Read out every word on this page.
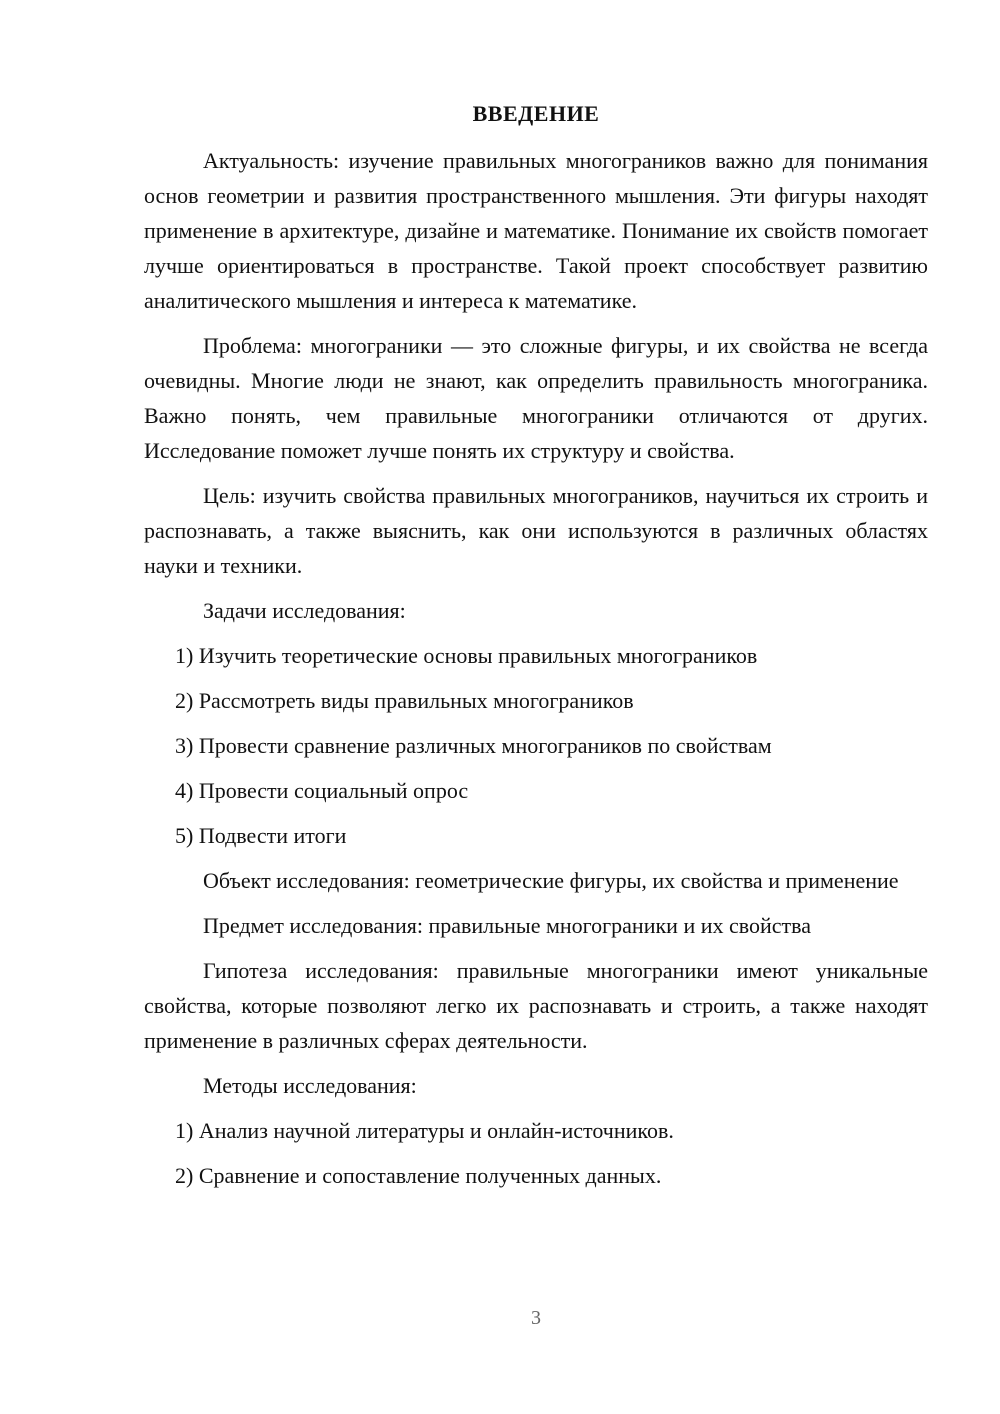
ВВЕДЕНИЕ

Актуальность: изучение правильных многограников важно для понимания основ геометрии и развития пространственного мышления. Эти фигуры находят применение в архитектуре, дизайне и математике. Понимание их свойств помогает лучше ориентироваться в пространстве. Такой проект способствует развитию аналитического мышления и интереса к математике.

Проблема: многограники — это сложные фигуры, и их свойства не всегда очевидны. Многие люди не знают, как определить правильность многограника. Важно понять, чем правильные многограники отличаются от других. Исследование поможет лучше понять их структуру и свойства.

Цель: изучить свойства правильных многограников, научиться их строить и распознавать, а также выяснить, как они используются в различных областях науки и техники.

Задачи исследования:

1) Изучить теоретические основы правильных многограников

2) Рассмотреть виды правильных многограников

3) Провести сравнение различных многограников по свойствам

4) Провести социальный опрос

5) Подвести итоги

Объект исследования: геометрические фигуры, их свойства и применение

Предмет исследования: правильные многограники и их свойства

Гипотеза исследования: правильные многограники имеют уникальные свойства, которые позволяют легко их распознавать и строить, а также находят применение в различных сферах деятельности.

Методы исследования:

1) Анализ научной литературы и онлайн-источников.

2) Сравнение и сопоставление полученных данных.

3
